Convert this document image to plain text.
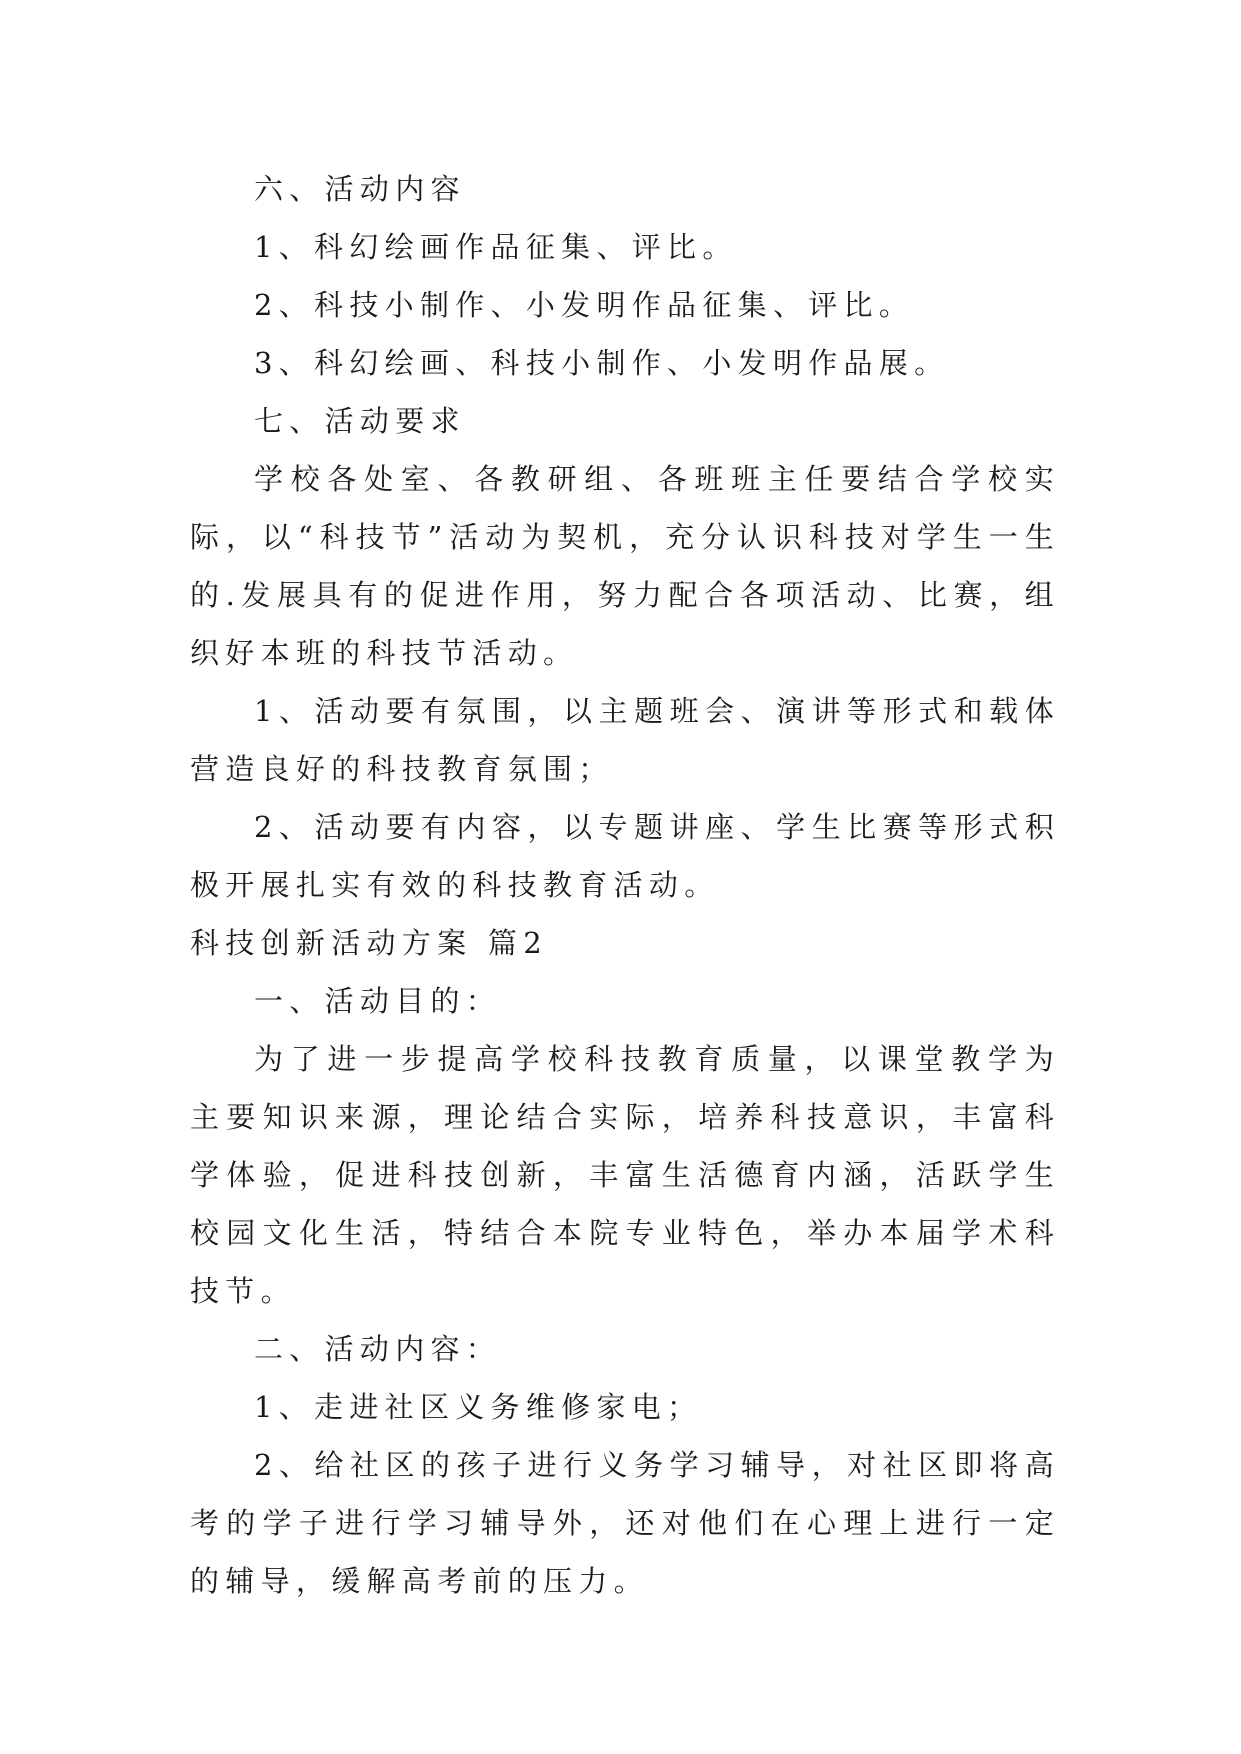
六、活动内容

1、科幻绘画作品征集、评比。

2、科技小制作、小发明作品征集、评比。

3、科幻绘画、科技小制作、小发明作品展。

七、活动要求

学校各处室、各教研组、各班班主任要结合学校实际，以“科技节”活动为契机，充分认识科技对学生一生的.发展具有的促进作用，努力配合各项活动、比赛，组织好本班的科技节活动。

1、活动要有氛围，以主题班会、演讲等形式和载体营造良好的科技教育氛围；

2、活动要有内容，以专题讲座、学生比赛等形式积极开展扎实有效的科技教育活动。

科技创新活动方案 篇2

一、活动目的：

为了进一步提高学校科技教育质量，以课堂教学为主要知识来源，理论结合实际，培养科技意识，丰富科学体验，促进科技创新，丰富生活德育内涵，活跃学生校园文化生活，特结合本院专业特色，举办本届学术科技节。

二、活动内容：

1、走进社区义务维修家电；

2、给社区的孩子进行义务学习辅导，对社区即将高考的学子进行学习辅导外，还对他们在心理上进行一定的辅导，缓解高考前的压力。
